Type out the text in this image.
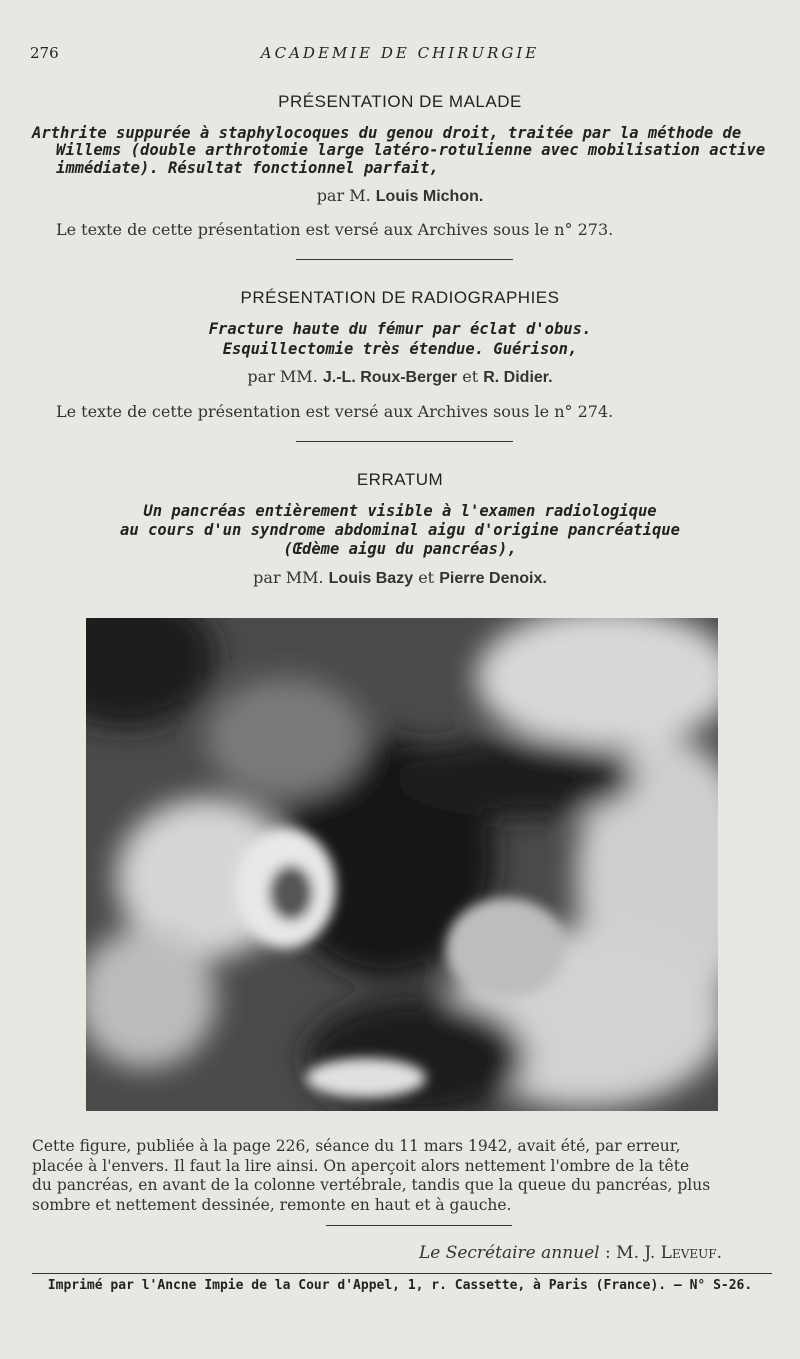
276	ACADEMIE DE CHIRURGIE
PRÉSENTATION DE MALADE
Arthrite suppurée à staphylocoques du genou droit, traitée par la méthode de
Willems (double arthrotomie large latéro-rotulienne avec mobilisation active
immédiate). Résultat fonctionnel parfait,
par M. Louis Michon.
Le texte de cette présentation est versé aux Archives sous le n° 273.
PRÉSENTATION DE RADIOGRAPHIES
Fracture haute du fémur par éclat d'obus.
Esquillectomie très étendue. Guérison,
par MM. J.-L. Roux-Berger et R. Didier.
Le texte de cette présentation est versé aux Archives sous le n° 274.
ERRATUM
Un pancréas entièrement visible à l'examen radiologique
au cours d'un syndrome abdominal aigu d'origine pancréatique
(Œdème aigu du pancréas),
par MM. Louis Bazy et Pierre Denoix.
Cette figure, publiée à la page 226, séance du 11 mars 1942, avait été, par erreur,
placée à l'envers. Il faut la lire ainsi. On aperçoit alors nettement l'ombre de la tête
du pancréas, en avant de la colonne vertébrale, tandis que la queue du pancréas, plus
sombre et nettement dessinée, remonte en haut et à gauche.
Le Secrétaire annuel : M. J. Leveuf.
Imprimé par l'Ancne Impie de la Cour d'Appel, 1, r. Cassette, à Paris (France). — N° S-26.
